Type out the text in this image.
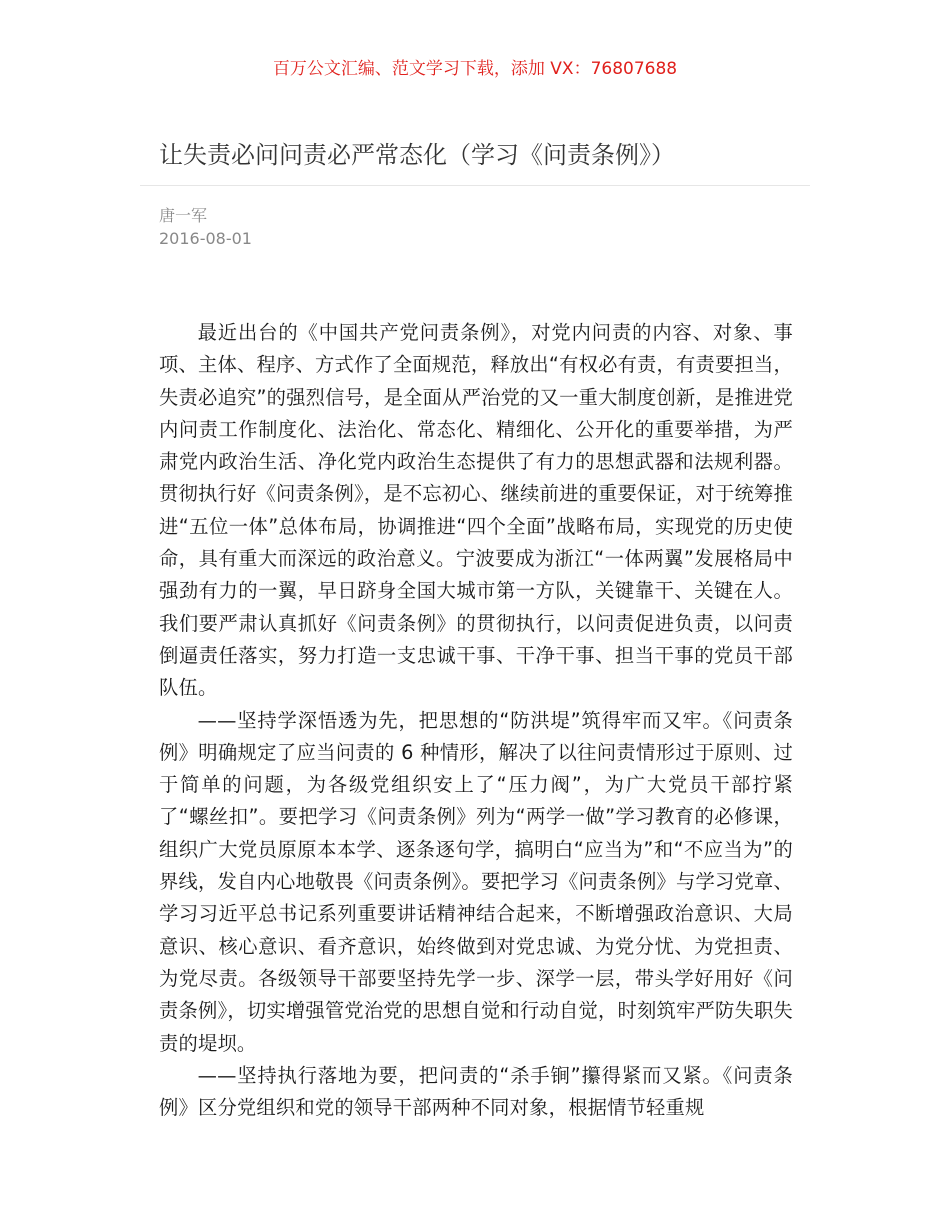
百万公文汇编、范文学习下载，添加 VX：76807688
让失责必问问责必严常态化（学习《问责条例》）
唐一军
2016-08-01

最近出台的《中国共产党问责条例》，对党内问责的内容、对象、事项、主体、程序、方式作了全面规范，释放出“有权必有责，有责要担当，失责必追究”的强烈信号，是全面从严治党的又一重大制度创新，是推进党内问责工作制度化、法治化、常态化、精细化、公开化的重要举措，为严肃党内政治生活、净化党内政治生态提供了有力的思想武器和法规利器。贯彻执行好《问责条例》，是不忘初心、继续前进的重要保证，对于统筹推进“五位一体”总体布局，协调推进“四个全面”战略布局，实现党的历史使命，具有重大而深远的政治意义。宁波要成为浙江“一体两翼”发展格局中强劲有力的一翼，早日跻身全国大城市第一方队，关键靠干、关键在人。我们要严肃认真抓好《问责条例》的贯彻执行，以问责促进负责，以问责倒逼责任落实，努力打造一支忠诚干事、干净干事、担当干事的党员干部队伍。

——坚持学深悟透为先，把思想的“防洪堤”筑得牢而又牢。《问责条例》明确规定了应当问责的 6 种情形，解决了以往问责情形过于原则、过于简单的问题，为各级党组织安上了“压力阀”，为广大党员干部拧紧了“螺丝扣”。要把学习《问责条例》列为“两学一做”学习教育的必修课，组织广大党员原原本本学、逐条逐句学，搞明白“应当为”和“不应当为”的界线，发自内心地敬畏《问责条例》。要把学习《问责条例》与学习党章、学习习近平总书记系列重要讲话精神结合起来，不断增强政治意识、大局意识、核心意识、看齐意识，始终做到对党忠诚、为党分忧、为党担责、为党尽责。各级领导干部要坚持先学一步、深学一层，带头学好用好《问责条例》，切实增强管党治党的思想自觉和行动自觉，时刻筑牢严防失职失责的堤坝。

——坚持执行落地为要，把问责的“杀手锏”攥得紧而又紧。《问责条例》区分党组织和党的领导干部两种不同对象，根据情节轻重规
